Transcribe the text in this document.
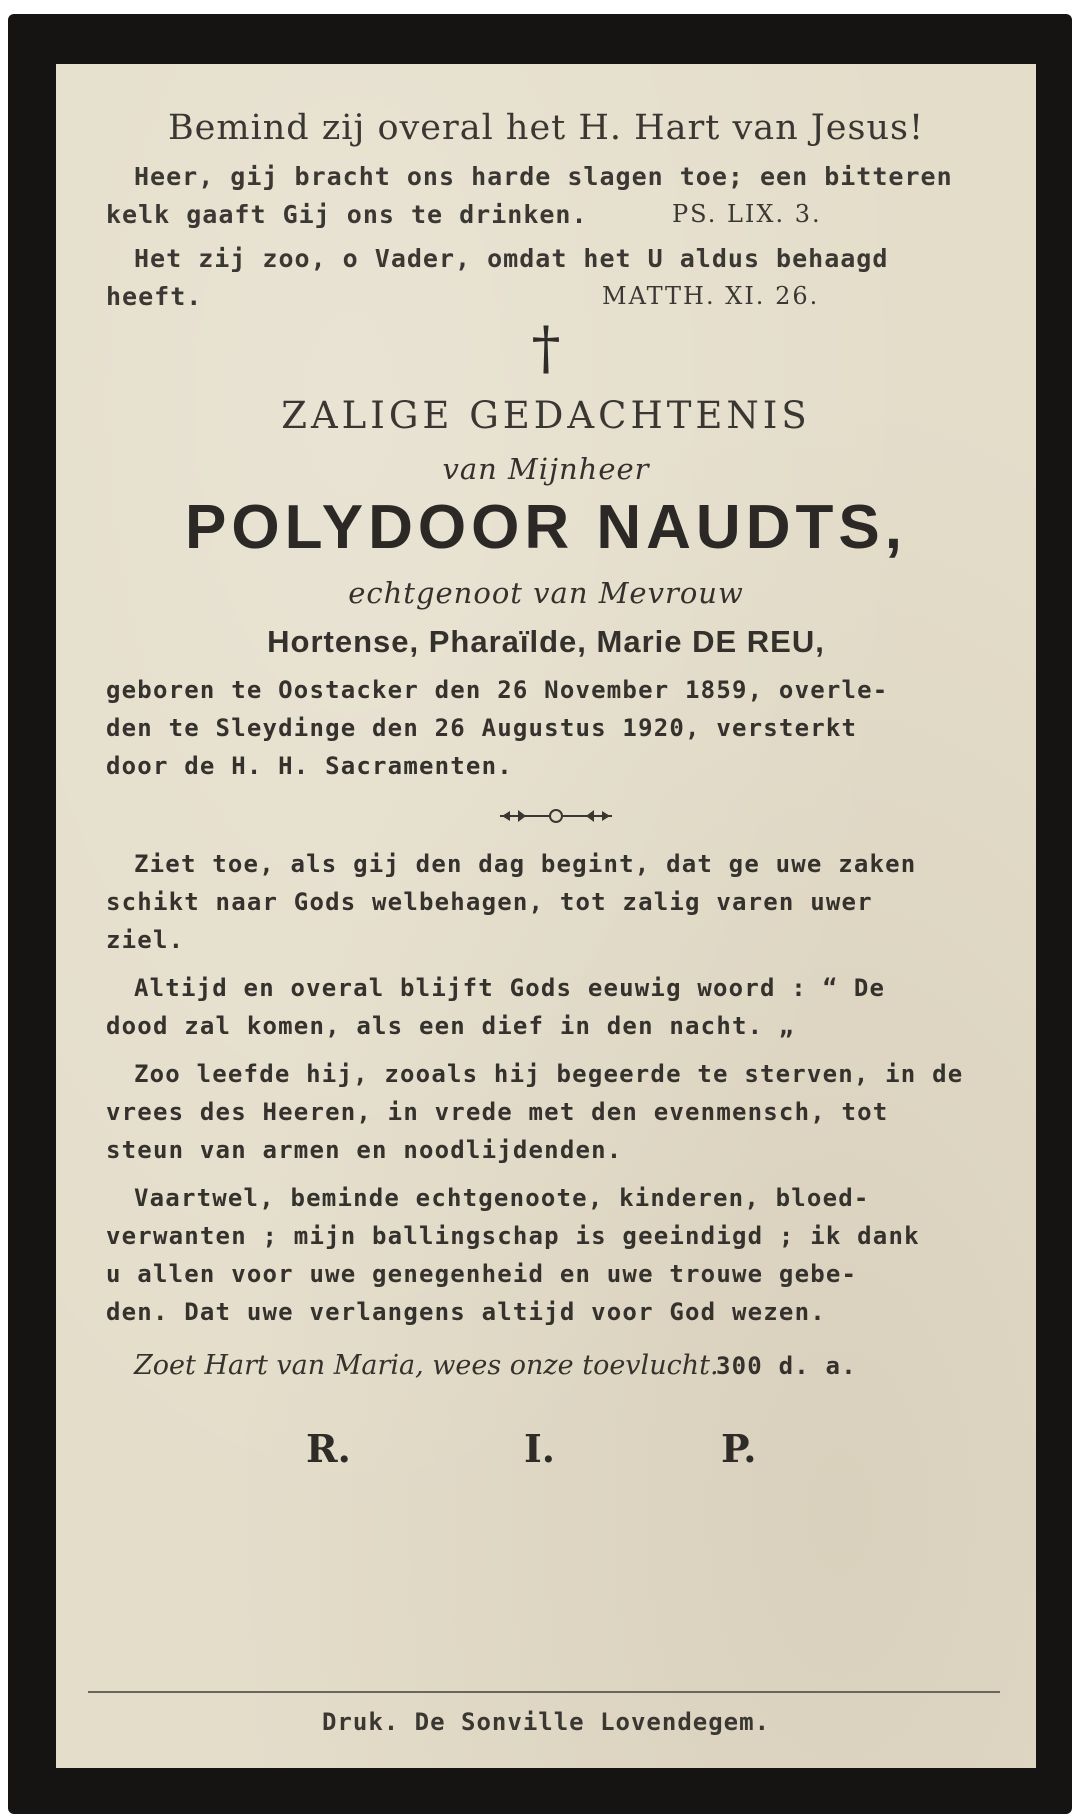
Bemind zij overal het H. Hart van Jesus!
Heer, gij bracht ons harde slagen toe; een bitteren
kelk gaaft Gij ons te drinken.	PS. LIX. 3.
Het zij zoo, o Vader, omdat het U aldus behaagd
heeft.	MATTH. XI. 26.
†
ZALIGE GEDACHTENIS
van Mijnheer
POLYDOOR NAUDTS,
echtgenoot van Mevrouw
Hortense, Pharaïlde, Marie DE REU,
geboren te Oostacker den 26 November 1859, overle-
den te Sleydinge den 26 Augustus 1920, versterkt
door de H. H. Sacramenten.
Ziet toe, als gij den dag begint, dat ge uwe zaken
schikt naar Gods welbehagen, tot zalig varen uwer
ziel.
Altijd en overal blijft Gods eeuwig woord : “ De
dood zal komen, als een dief in den nacht. „
Zoo leefde hij, zooals hij begeerde te sterven, in de
vrees des Heeren, in vrede met den evenmensch, tot
steun van armen en noodlijdenden.
Vaartwel, beminde echtgenoote, kinderen, bloed-
verwanten ; mijn ballingschap is geeindigd ; ik dank
u allen voor uwe genegenheid en uwe trouwe gebe-
den. Dat uwe verlangens altijd voor God wezen.
Zoet Hart van Maria, wees onze toevlucht.
300 d. a.
R.	I.	P.
Druk. De Sonville Lovendegem.
